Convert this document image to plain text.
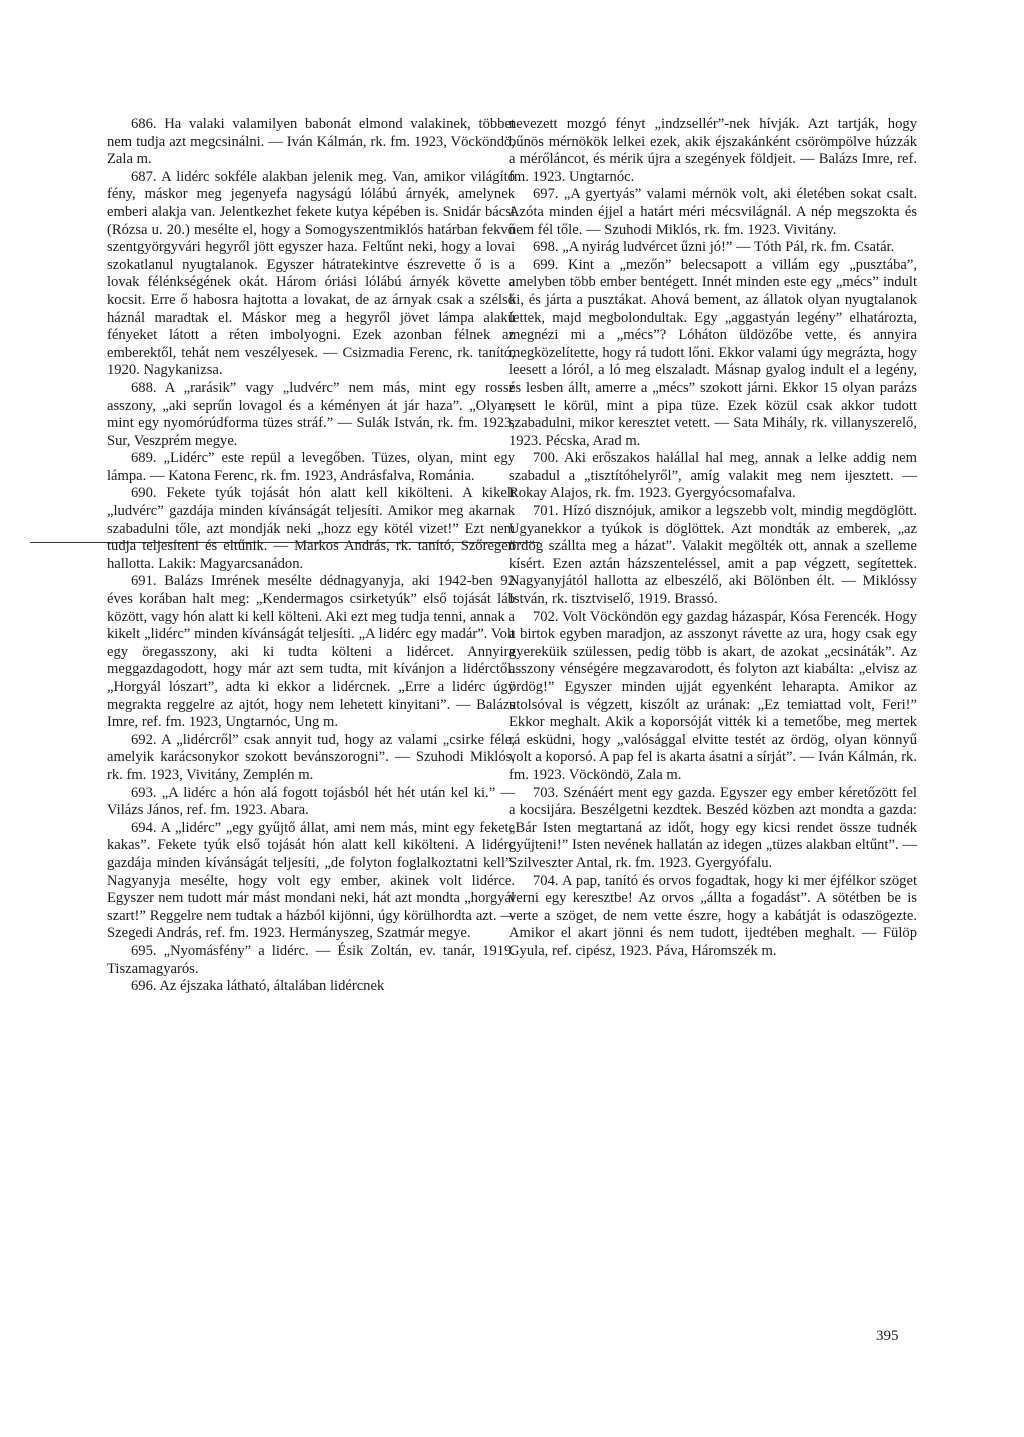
686. Ha valaki valamilyen babonát elmond valakinek, többet nem tudja azt megcsinálni. — Iván Kálmán, rk. fm. 1923, Vöcköndö, Zala m.

687. A lidérc sokféle alakban jelenik meg. Van, amikor világító fény, máskor meg jegenyefa nagyságú lólábú árnyék, amelynek emberi alakja van. Jelentkezhet fekete kutya képében is. Snidár bácsi (Rózsa u. 20.) mesélte el, hogy a Somogyszentmiklós határban fekvő szentgyörgyvári hegyről jött egyszer haza. Feltűnt neki, hogy a lovai szokatlanul nyugtalanok. Egyszer hátratekintve észrevette ő is a lovak félénkségének okát. Három óriási lólábú árnyék követte a kocsit. Erre ő habosra hajtotta a lovakat, de az árnyak csak a szélső háznál maradtak el. Máskor meg a hegyről jövet lámpa alakú fényeket látott a réten imbolyogni. Ezek azonban félnek az emberektől, tehát nem veszélyesek. — Csizmadia Ferenc, rk. tanító, 1920. Nagykanizsa.

688. A „rarásik” vagy „ludvérc” nem más, mint egy rossz asszony, „aki seprűn lovagol és a kéményen át jár haza”. „Olyan, mint egy nyomórúdforma tüzes stráf.” — Sulák István, rk. fm. 1923, Sur, Veszprém megye.

689. „Lidérc” este repül a levegőben. Tüzes, olyan, mint egy lámpa. — Katona Ferenc, rk. fm. 1923, Andrásfalva, Románia.

690. Fekete tyúk tojását hón alatt kell kikölteni. A kikelt „ludvérc” gazdája minden kívánságát teljesíti. Amikor meg akarnak szabadulni tőle, azt mondják neki „hozz egy kötél vizet!” Ezt nem tudja teljesíteni és eltűnik. — Markos András, rk. tanító, Szőregen hallotta. Lakik: Magyarcsanádon.

691. Balázs Imrének mesélte dédnagyanyja, aki 1942-ben 92 éves korában halt meg: „Kendermagos csirketyúk” első tojását láb között, vagy hón alatt ki kell költeni. Aki ezt meg tudja tenni, annak a kikelt „lidérc” minden kívánságát teljesíti. „A lidérc egy madár”. Volt egy öregasszony, aki ki tudta költeni a lidércet. Annyira meggazdagodott, hogy már azt sem tudta, mit kívánjon a lidérctől. „Horgyál lószart”, adta ki ekkor a lidércnek. „Erre a lidérc úgy megrakta reggelre az ajtót, hogy nem lehetett kinyitani”. — Balázs Imre, ref. fm. 1923, Ungtarnóc, Ung m.

692. A „lidércről” csak annyit tud, hogy az valami „csirke féle, amelyik karácsonykor szokott bevánszorogni”. — Szuhodi Miklós, rk. fm. 1923, Vivitány, Zemplén m.

693. „A lidérc a hón alá fogott tojásból hét hét után kel ki.” — Vilázs János, ref. fm. 1923. Abara.

694. A „lidérc” „egy gyűjtő állat, ami nem más, mint egy fekete kakas”. Fekete tyúk első tojását hón alatt kell kikölteni. A lidérc gazdája minden kívánságát teljesíti, „de folyton foglalkoztatni kell”. Nagyanyja mesélte, hogy volt egy ember, akinek volt lidérce. Egyszer nem tudott már mást mondani neki, hát azt mondta „horgyál szart!” Reggelre nem tudtak a házból kijönni, úgy körülhordta azt. — Szegedi András, ref. fm. 1923. Hermányszeg, Szatmár megye.

695. „Nyomásfény” a lidérc. — Ésik Zoltán, ev. tanár, 1919. Tiszamagyarós.

696. Az éjszaka látható, általában lidércnek

nevezett mozgó fényt „indzsellér”-nek hívják. Azt tartják, hogy bűnös mérnökök lelkei ezek, akik éjszakánként csörömpölve húzzák a mérőláncot, és mérik újra a szegények földjeit. — Balázs Imre, ref. fm. 1923. Ungtarnóc.

697. „A gyertyás” valami mérnök volt, aki életében sokat csalt. Azóta minden éjjel a határt méri mécsvilágnál. A nép megszokta és nem fél tőle. — Szuhodi Miklós, rk. fm. 1923. Vivitány.

698. „A nyirág ludvércet űzni jó!” — Tóth Pál, rk. fm. Csatár.

699. Kint a „mezőn” belecsapott a villám egy „pusztába”, amelyben több ember bentégett. Innét minden este egy „mécs” indult ki, és járta a pusztákat. Ahová bement, az állatok olyan nyugtalanok lettek, majd megbolondultak. Egy „aggastyán legény” elhatározta, megnézi mi a „mécs”? Lóháton üldözőbe vette, és annyira megközelítette, hogy rá tudott lőni. Ekkor valami úgy megrázta, hogy leesett a lóról, a ló meg elszaladt. Másnap gyalog indult el a legény, és lesben állt, amerre a „mécs” szokott járni. Ekkor 15 olyan parázs esett le körül, mint a pipa tüze. Ezek közül csak akkor tudott szabadulni, mikor keresztet vetett. — Sata Mihály, rk. villanyszerelő, 1923. Pécska, Arad m.

700. Aki erőszakos halállal hal meg, annak a lelke addig nem szabadul a „tisztítóhelyről”, amíg valakit meg nem ijesztett. — Rokay Alajos, rk. fm. 1923. Gyergyócsomafalva.

701. Hízó disznójuk, amikor a legszebb volt, mindig megdöglött. Ugyanekkor a tyúkok is döglöttek. Azt mondták az emberek, „az ördög szállta meg a házat”. Valakit megölték ott, annak a szelleme kísért. Ezen aztán házszenteléssel, amit a pap végzett, segítettek. Nagyanyjától hallotta az elbeszélő, aki Bölönben élt. — Miklóssy István, rk. tisztviselő, 1919. Brassó.

702. Volt Vöcköndön egy gazdag házaspár, Kósa Ferencék. Hogy a birtok egyben maradjon, az asszonyt rávette az ura, hogy csak egy gyereküik szülessen, pedig több is akart, de azokat „ecsináták”. Az asszony vénségére megzavarodott, és folyton azt kiabálta: „elvisz az ördög!” Egyszer minden ujját egyenként leharapta. Amikor az utolsóval is végzett, kiszólt az urának: „Ez temiattad volt, Feri!” Ekkor meghalt. Akik a koporsóját vitték ki a temetőbe, meg mertek rá esküdni, hogy „valósággal elvitte testét az ördög, olyan könnyű volt a koporsó. A pap fel is akarta ásatni a sírját”. — Iván Kálmán, rk. fm. 1923. Vöcköndö, Zala m.

703. Szénáért ment egy gazda. Egyszer egy ember kéretőzött fel a kocsijára. Beszélgetni kezdtek. Beszéd közben azt mondta a gazda: „Bár Isten megtartaná az időt, hogy egy kicsi rendet össze tudnék gyűjteni!” Isten nevének hallatán az idegen „tüzes alakban eltűnt”. — Szilveszter Antal, rk. fm. 1923. Gyergyófalu.

704. A pap, tanító és orvos fogadtak, hogy ki mer éjfélkor szöget verni egy keresztbe! Az orvos „állta a fogadást”. A sötétben be is verte a szöget, de nem vette észre, hogy a kabátját is odaszögezte. Amikor el akart jönni és nem tudott, ijedtében meghalt. — Fülöp Gyula, ref. cipész, 1923. Páva, Háromszék m.

395
